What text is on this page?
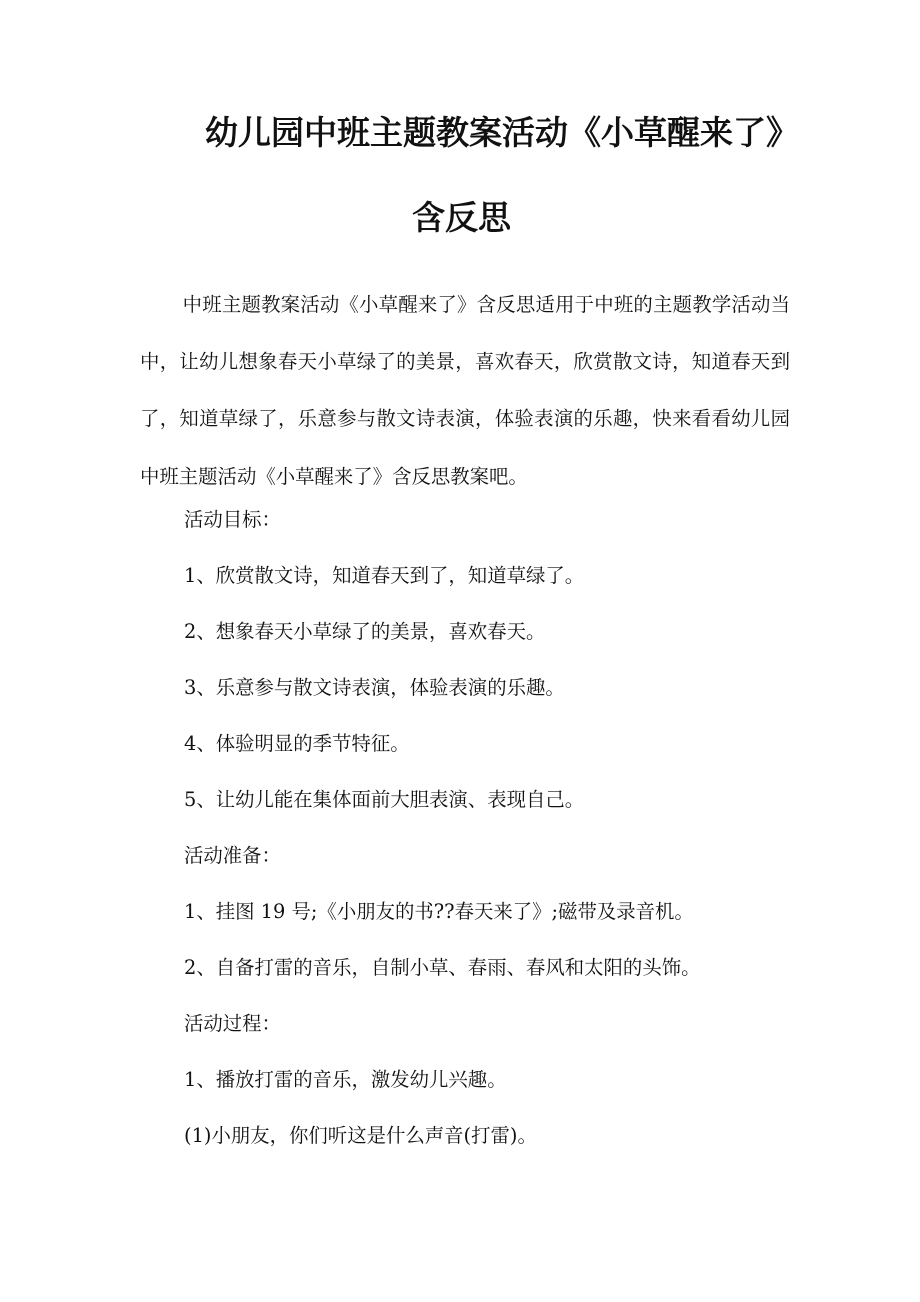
幼儿园中班主题教案活动《小草醒来了》
含反思

中班主题教案活动《小草醒来了》含反思适用于中班的主题教学活动当中，让幼儿想象春天小草绿了的美景，喜欢春天，欣赏散文诗，知道春天到了，知道草绿了，乐意参与散文诗表演，体验表演的乐趣，快来看看幼儿园中班主题活动《小草醒来了》含反思教案吧。

活动目标：

1、欣赏散文诗，知道春天到了，知道草绿了。

2、想象春天小草绿了的美景，喜欢春天。

3、乐意参与散文诗表演，体验表演的乐趣。

4、体验明显的季节特征。

5、让幼儿能在集体面前大胆表演、表现自己。

活动准备：

1、挂图 19 号;《小朋友的书??春天来了》;磁带及录音机。

2、自备打雷的音乐，自制小草、春雨、春风和太阳的头饰。

活动过程：

1、播放打雷的音乐，激发幼儿兴趣。

(1)小朋友，你们听这是什么声音(打雷)。
